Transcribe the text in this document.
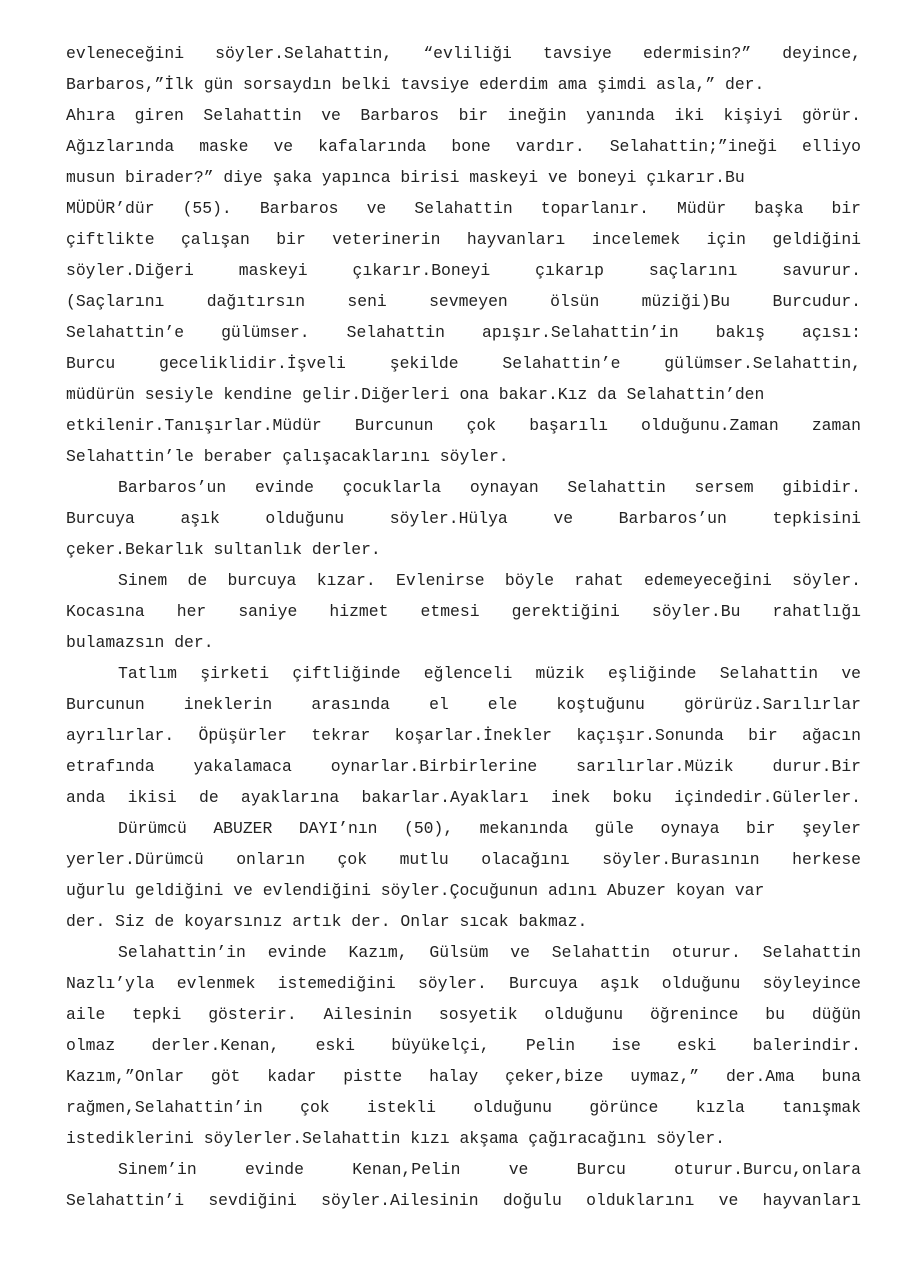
evleneceğini söyler.Selahattin, “evliliği tavsiye edermisin?” deyince,
Barbaros,”İlk gün sorsaydın belki tavsiye ederdim ama şimdi asla,” der.
Ahıra giren Selahattin ve Barbaros bir ineğin yanında iki kişiyi görür.
Ağızlarında maske ve kafalarında bone vardır. Selahattin;”ineği elliyo
musun birader?” diye şaka yapınca birisi maskeyi ve boneyi çıkarır.Bu
MÜDÜR’dür (55). Barbaros ve Selahattin toparlanır. Müdür başka bir
çiftlikte çalışan bir veterinerin hayvanları incelemek için geldiğini
söyler.Diğeri maskeyi çıkarır.Boneyi çıkarıp saçlarını savurur.
(Saçlarını dağıtırsın seni sevmeyen ölsün müziği)Bu Burcudur.
Selahattin’e gülümser. Selahattin apışır.Selahattin’in bakış açısı:
Burcu geceliklidir.İşveli şekilde Selahattin’e gülümser.Selahattin,
müdürün sesiyle kendine gelir.Diğerleri ona bakar.Kız da Selahattin’den
etkilenir.Tanışırlar.Müdür Burcunun çok başarılı olduğunu.Zaman zaman
Selahattin’le beraber çalışacaklarını söyler.
Barbaros’un evinde çocuklarla oynayan Selahattin sersem gibidir.
Burcuya aşık olduğunu söyler.Hülya ve Barbaros’un tepkisini
çeker.Bekarlık sultanlık derler.
Sinem de burcuya kızar. Evlenirse böyle rahat edemeyeceğini söyler.
Kocasına her saniye hizmet etmesi gerektiğini söyler.Bu rahatlığı
bulamazsın der.
Tatlım şirketi çiftliğinde eğlenceli müzik eşliğinde Selahattin ve
Burcunun ineklerin arasında el ele koştuğunu görürüz.Sarılırlar
ayrılırlar. Öpüşürler tekrar koşarlar.İnekler kaçışır.Sonunda bir ağacın
etrafında yakalamaca oynarlar.Birbirlerine sarılırlar.Müzik durur.Bir
anda ikisi de ayaklarına bakarlar.Ayakları inek boku içindedir.Gülerler.
Dürümcü ABUZER DAYI’nın (50), mekanında güle oynaya bir şeyler
yerler.Dürümcü onların çok mutlu olacağını söyler.Burasının herkese
uğurlu geldiğini ve evlendiğini söyler.Çocuğunun adını Abuzer koyan var
der. Siz de koyarsınız artık der. Onlar sıcak bakmaz.
Selahattin’in evinde Kazım, Gülsüm ve Selahattin oturur. Selahattin
Nazlı’yla evlenmek istemediğini söyler. Burcuya aşık olduğunu söyleyince
aile tepki gösterir. Ailesinin sosyetik olduğunu öğrenince bu düğün
olmaz derler.Kenan, eski büyükelçi, Pelin ise eski balerindir.
Kazım,”Onlar göt kadar pistte halay çeker,bize uymaz,” der.Ama buna
rağmen,Selahattin’in çok istekli olduğunu görünce kızla tanışmak
istediklerini söylerler.Selahattin kızı akşama çağıracağını söyler.
Sinem’in evinde Kenan,Pelin ve Burcu oturur.Burcu,onlara
Selahattin’i sevdiğini söyler.Ailesinin doğulu olduklarını ve hayvanları
